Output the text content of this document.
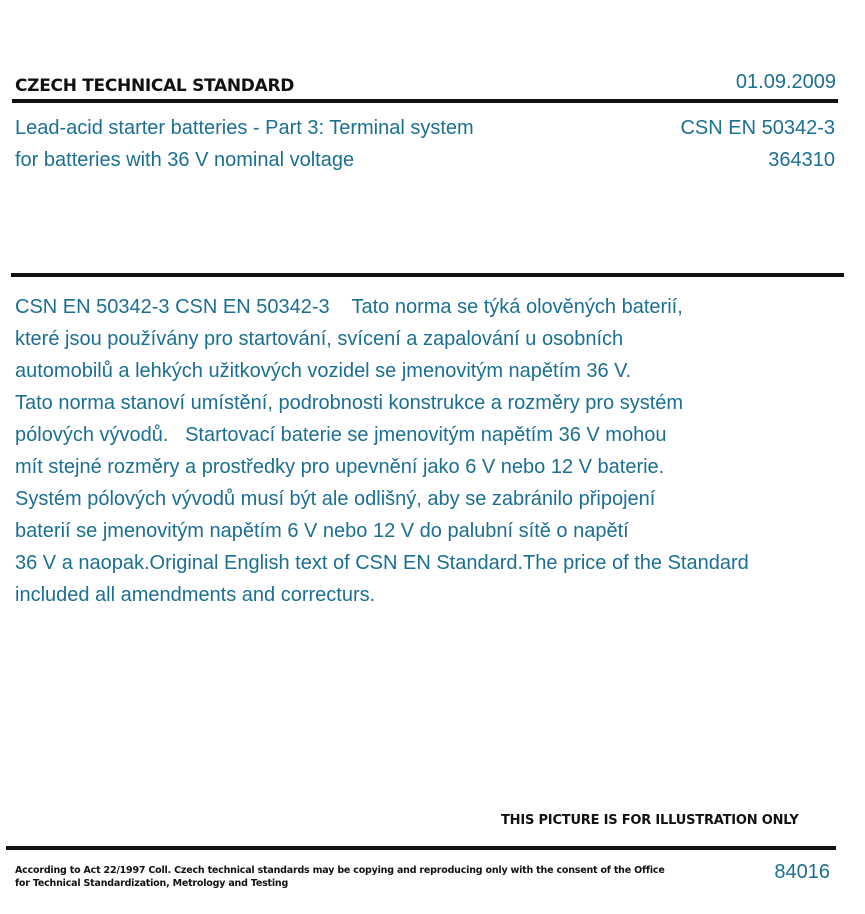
CZECH TECHNICAL STANDARD	01.09.2009
Lead-acid starter batteries - Part 3: Terminal system
for batteries with 36 V nominal voltage
CSN EN 50342-3
364310
CSN EN 50342-3 CSN EN 50342-3    Tato norma se týká olověných baterií,
které jsou používány pro startování, svícení a zapalování u osobních
automobilů a lehkých užitkových vozidel se jmenovitým napětím 36 V.
Tato norma stanoví umístění, podrobnosti konstrukce a rozměry pro systém
pólových vývodů.   Startovací baterie se jmenovitým napětím 36 V mohou
mít stejné rozměry a prostředky pro upevnění jako 6 V nebo 12 V baterie.
Systém pólových vývodů musí být ale odlišný, aby se zabránilo připojení
baterií se jmenovitým napětím 6 V nebo 12 V do palubní sítě o napětí
36 V a naopak.Original English text of CSN EN Standard.The price of the Standard
included all amendments and correcturs.
THIS PICTURE IS FOR ILLUSTRATION ONLY
According to Act 22/1997 Coll. Czech technical standards may be copying and reproducing only with the consent of the Office
for Technical Standardization, Metrology and Testing
84016
